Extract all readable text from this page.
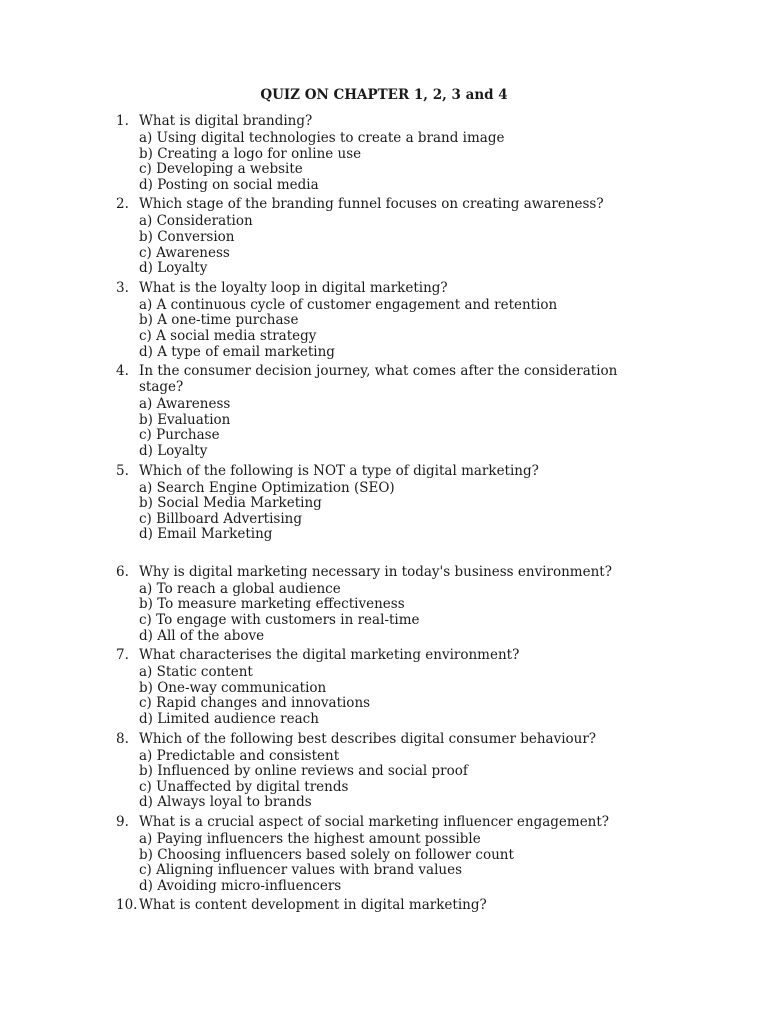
QUIZ ON CHAPTER 1, 2, 3 and 4
1. What is digital branding?
a) Using digital technologies to create a brand image
b) Creating a logo for online use
c) Developing a website
d) Posting on social media
2. Which stage of the branding funnel focuses on creating awareness?
a) Consideration
b) Conversion
c) Awareness
d) Loyalty
3. What is the loyalty loop in digital marketing?
a) A continuous cycle of customer engagement and retention
b) A one-time purchase
c) A social media strategy
d) A type of email marketing
4. In the consumer decision journey, what comes after the consideration stage?
a) Awareness
b) Evaluation
c) Purchase
d) Loyalty
5. Which of the following is NOT a type of digital marketing?
a) Search Engine Optimization (SEO)
b) Social Media Marketing
c) Billboard Advertising
d) Email Marketing
6. Why is digital marketing necessary in today's business environment?
a) To reach a global audience
b) To measure marketing effectiveness
c) To engage with customers in real-time
d) All of the above
7. What characterises the digital marketing environment?
a) Static content
b) One-way communication
c) Rapid changes and innovations
d) Limited audience reach
8. Which of the following best describes digital consumer behaviour?
a) Predictable and consistent
b) Influenced by online reviews and social proof
c) Unaffected by digital trends
d) Always loyal to brands
9. What is a crucial aspect of social marketing influencer engagement?
a) Paying influencers the highest amount possible
b) Choosing influencers based solely on follower count
c) Aligning influencer values with brand values
d) Avoiding micro-influencers
10. What is content development in digital marketing?
